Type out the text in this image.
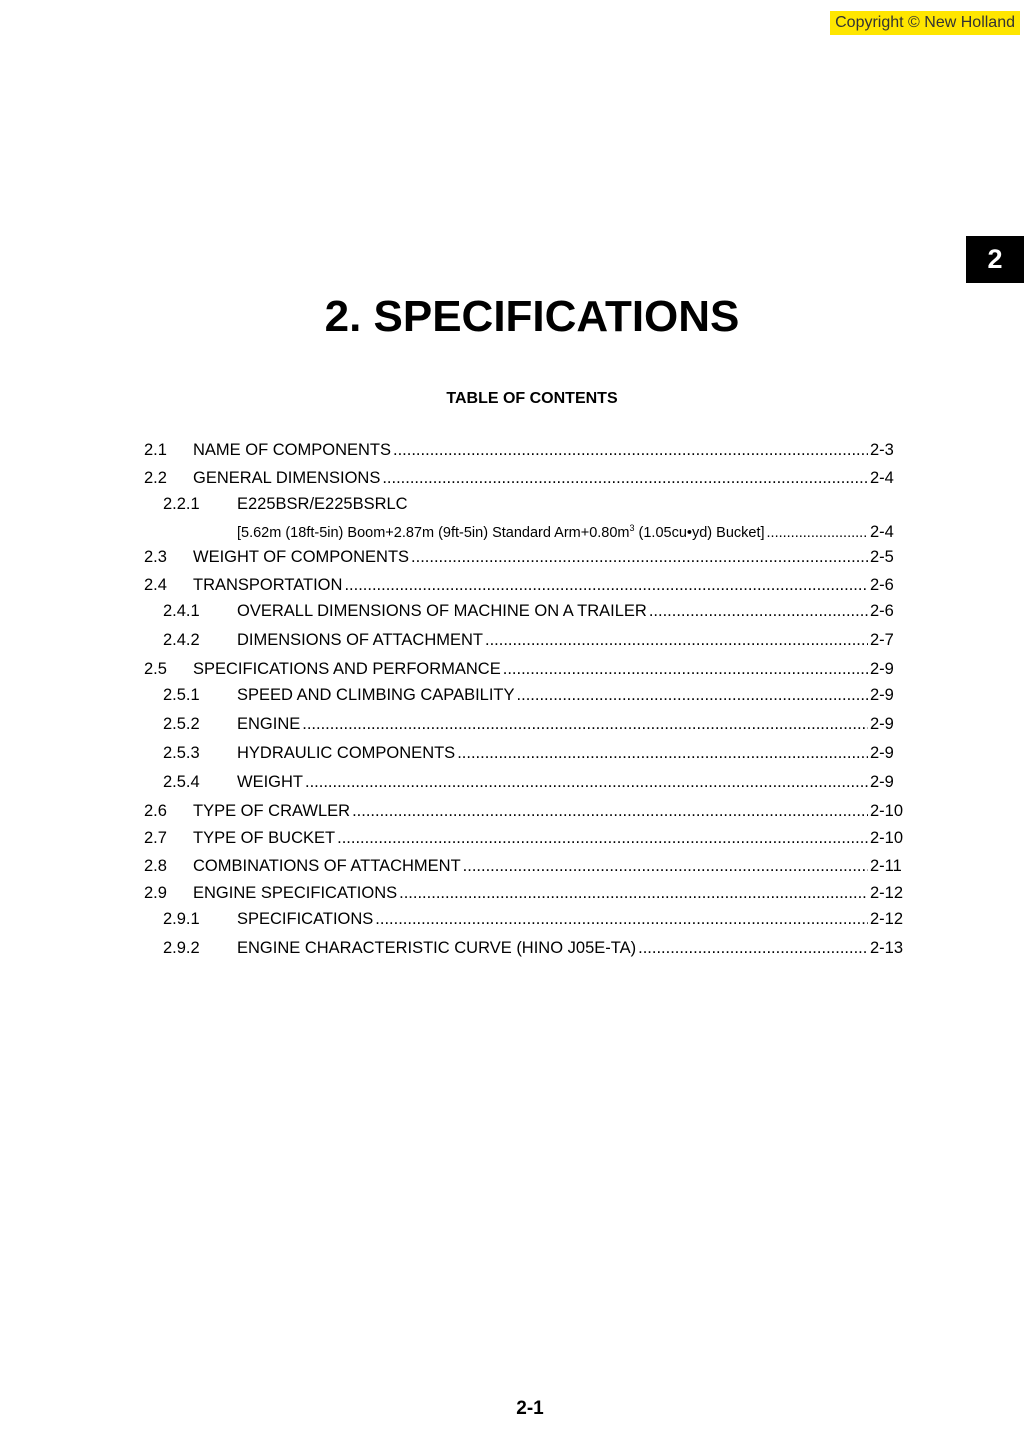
Copyright © New Holland
2
2. SPECIFICATIONS
TABLE OF CONTENTS
2.1	NAME OF COMPONENTS .....	2-3
2.2	GENERAL DIMENSIONS .....	2-4
2.2.1	E225BSR/E225BSRLC
[5.62m (18ft-5in) Boom+2.87m (9ft-5in) Standard $Arm+0.80m^3$ (1.05cu•yd) Bucket] .....	2-4
2.3	WEIGHT OF COMPONENTS .....	2-5
2.4	TRANSPORTATION .....	2-6
2.4.1	OVERALL DIMENSIONS OF MACHINE ON A TRAILER .....	2-6
2.4.2	DIMENSIONS OF ATTACHMENT .....	2-7
2.5	SPECIFICATIONS AND PERFORMANCE .....	2-9
2.5.1	SPEED AND CLIMBING CAPABILITY .....	2-9
2.5.2	ENGINE .....	2-9
2.5.3	HYDRAULIC COMPONENTS .....	2-9
2.5.4	WEIGHT .....	2-9
2.6	TYPE OF CRAWLER .....	2-10
2.7	TYPE OF BUCKET .....	2-10
2.8	COMBINATIONS OF ATTACHMENT .....	2-11
2.9	ENGINE SPECIFICATIONS .....	2-12
2.9.1	SPECIFICATIONS .....	2-12
2.9.2	ENGINE CHARACTERISTIC CURVE (HINO J05E-TA) .....	2-13
2-1
